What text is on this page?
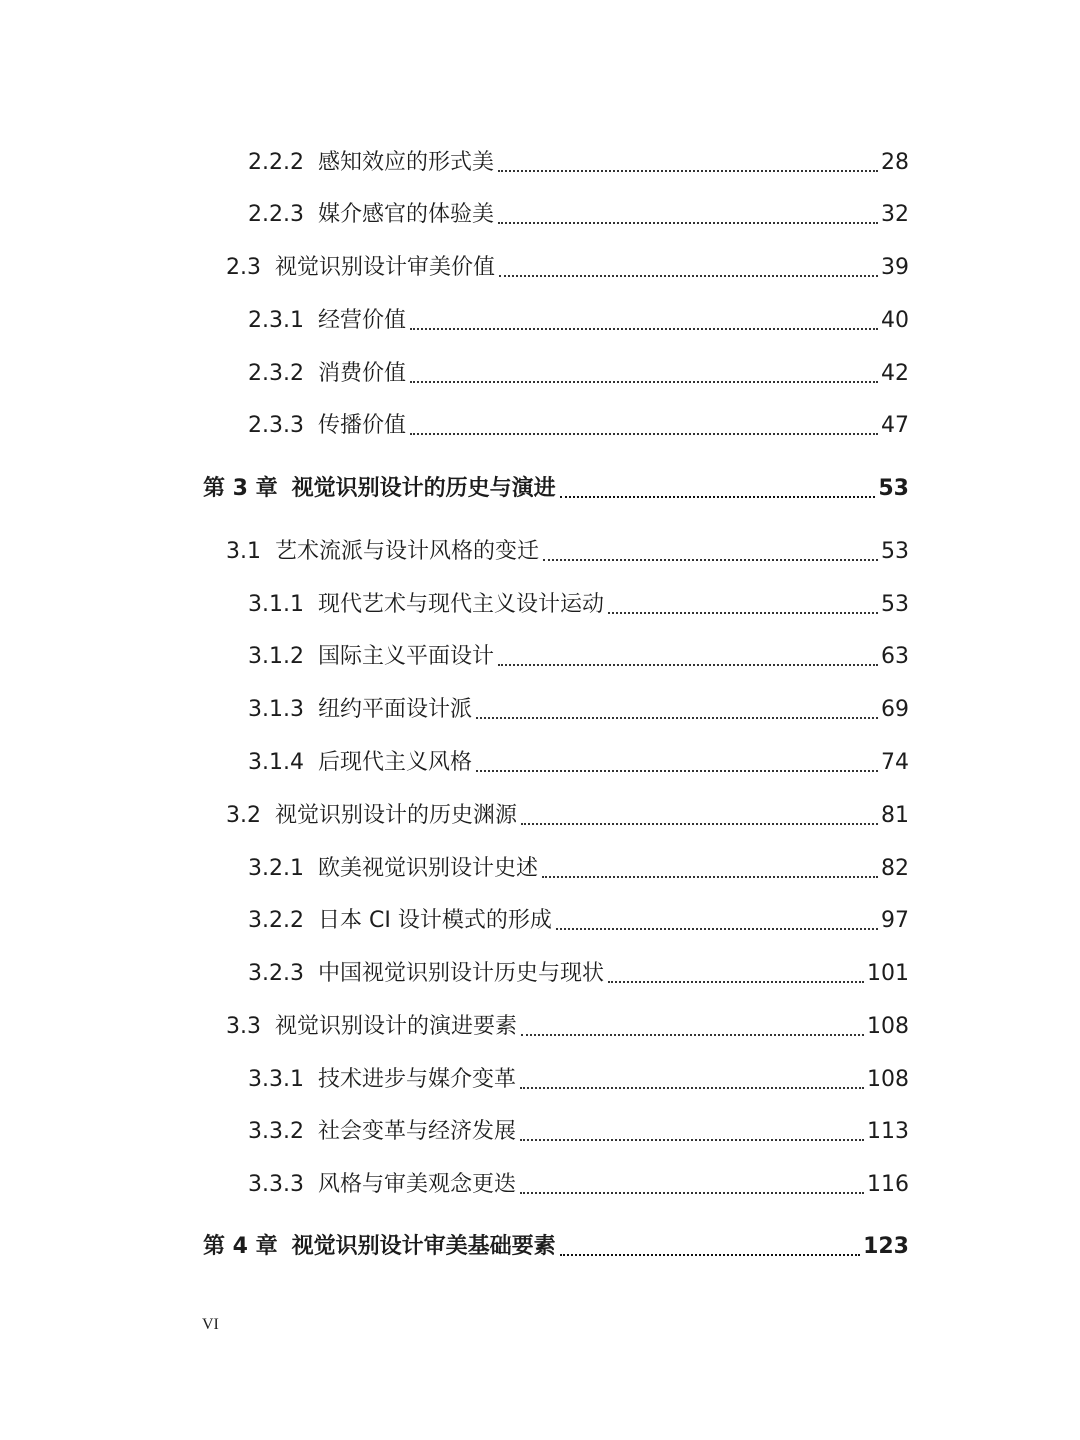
2.2.2 感知效应的形式美	28
2.2.3 媒介感官的体验美	32
2.3 视觉识别设计审美价值	39
2.3.1 经营价值	40
2.3.2 消费价值	42
2.3.3 传播价值	47
第 3 章 视觉识别设计的历史与演进	53
3.1 艺术流派与设计风格的变迁	53
3.1.1 现代艺术与现代主义设计运动	53
3.1.2 国际主义平面设计	63
3.1.3 纽约平面设计派	69
3.1.4 后现代主义风格	74
3.2 视觉识别设计的历史渊源	81
3.2.1 欧美视觉识别设计史述	82
3.2.2 日本 CI 设计模式的形成	97
3.2.3 中国视觉识别设计历史与现状	101
3.3 视觉识别设计的演进要素	108
3.3.1 技术进步与媒介变革	108
3.3.2 社会变革与经济发展	113
3.3.3 风格与审美观念更迭	116
第 4 章 视觉识别设计审美基础要素	123
VI
